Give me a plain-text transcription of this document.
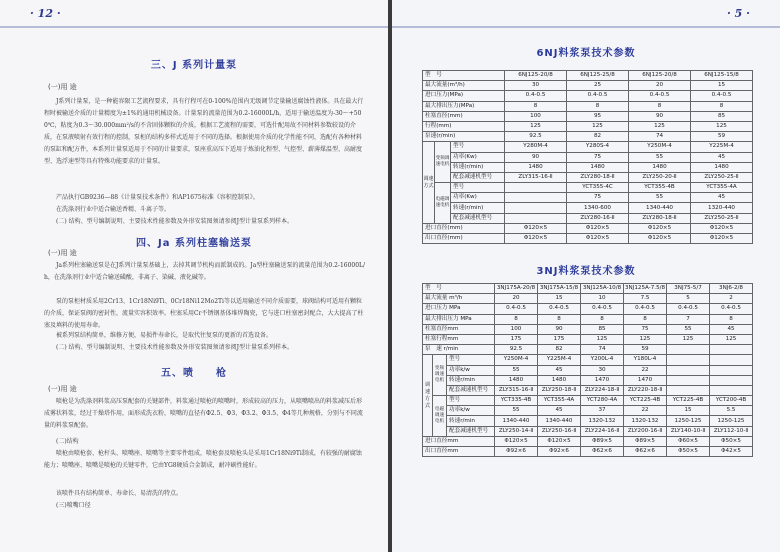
· 12 ·
三、J 系列计量泵
(一)用 途
J系列计量泵，是一种能容限工艺流程要求，具有行程可在0-100%范围内无级调节定量输送腐蚀性液体。具在最大行程时被输送介质的计量精度为±1%的通用机械设备。计量泵的流量范围为0.2-16000L/h，适用于输送温度为-30～+500℃，粘度为0.3～30.000mm²/s的不含固体颗粒的介质，根据工艺流程的需要，可选什配用故不同材料参数较设的介质，在泵液喷射有效行程的控制，泵柜的结构多样式适用于不同的选择。根据使用介质的化学性能不同，选配有各种材料的泵缸和配方件，本系列计量泵适用于不同的计量要求，泵座重高压下适用于炼油化程型、气控型、薪薄煤温型、高耐度型、选浮速型等具有特殊功能要求的计量泵。
产品执行GB9236—88《计量泵技术条件》和AP1675标准《容积控制泵》。
在洗涤剂行业中适合输送香精、斗离子等。
(二) 结构、型号编制说明、主要技术性能参数及外形安装图须请参阅J型计量泵系列样本。
四、Ja 系列柱塞输送泵
(一)用 途
Ja系列柱塞输送泵是在J系列计量泵基础上，去掉其调节机构而派制成的。Ja型柱塞输送泵的流量范围为0.2-16000L/h，在洗涤剂行业中适合输送磺酸，非离子、染碱、液化碱等。
泵的泵柜材质采用2Cr13、1Cr18Ni9Ti、0Cr18Ni12Mo2Ti等以适用输送不同介质需要，球阀结构可适用有颗粒的介质，保证泵阀的密封性，流量实容积效率。柱塞采用Cr不锈钢基体堆焊陶瓷，它与进口柱塞密封配合，大大提高了柱塞及填料的使用寿命。
被系列泵结构简单，维修方便，易损件寿命长，是取代往复泵的更新的首选设备。
(二) 结构、型号编制说明、主要技术性能参数及外形安装图须请参阅J型计量泵系列样本。
五、喷　　枪
(一)用 途
喷枪是为洗涤剂料浆高压泵配套的关键部件，料浆通过喷枪的喷嘴时，形成较高的压力，从喷嘴喷出的料浆减压后形成雾状料浆，经过干燥塔作用，面形成洗衣粉，喷嘴的直径有Φ2.5、Φ3、Φ3.2、Φ3.5、Φ4等几种规格，分别与不同流量的料浆泵配套。
(二)结构
喷枪由喷枪套、枪杆头、喷嘴座、喷嘴等主要零件组成，喷枪套及喷枪头是采用1Cr18Ni9Ti制成，有较强的耐腐蚀能力；喷嘴座、喷嘴是喷枪的关键零件，它由YG8硬质合金制成，耐冲刷性能好。
该喷件具有结构简单、寿命长、易清洗的特点。
(三)喷嘴口径
· 5 ·
6NJ料浆泵技术参数
型　号			6NJ125-20/8	6NJ125-25/8	6NJ125-20/8	6NJ125-15/8
最大流量(m³/h)			30	25	20	15
进口压力(MPa)			0.4-0.5	0.4-0.5	0.4-0.5	0.4-0.5
最大排出压力(MPa)			8	8	8	8
柱塞直径(mm)			100	95	90	85
行程(mm)			125	125	125	125
泵速(r/min)			92.5	82	74	59
调速方式	变频调速电机	型号	Y280M-4	Y280S-4	Y250M-4	Y225M-4
		功率(Kw)	90	75	55	45
		转速(r/min)	1480	1480	1480	1480
		配套减速机型号	ZLY315-16-Ⅱ	ZLY280-18-Ⅱ	ZLY250-20-Ⅱ	ZLY250-25-Ⅱ
	电磁调速电机	型号		YCT355-4C	YCT355-4B	YCT355-4A
		功率(Kw)		75	55	45
		转速(r/min)		1340-600	1340-440	1320-440
		配套减速机型号		ZLY280-16-Ⅱ	ZLY280-18-Ⅱ	ZLY250-25-Ⅱ
进口直径(mm)			Φ120×5	Φ120×5	Φ120×5	Φ120×5
出口直径(mm)			Φ120×5	Φ120×5	Φ120×5	Φ120×5
3NJ料浆泵技术参数
型　号			3NJ175A-20/8	3NJ175A-15/8	3NJ125A-10/8	3NJ125A-7.5/8	3NJ75-5/7	3NJ6-2/8
最大流量 m³/h			20	15	10	7.5	5	2
进口压力 MPa			0.4-0.5	0.4-0.5	0.4-0.5	0.4-0.5	0.4-0.5	0.4-0.5
最大排出压力 MPa			8	8	8	8	7	8
柱塞直径mm			100	90	85	75	55	45
柱塞行程mm			175	175	125	125	125	125
泵　速 r/min			92.5	82	74	59		
调速方式	变频调速电机	型号	Y250M-4	Y225M-4	Y200L-4	Y180L-4		
		功率k/w	55	45	30	22		
		转速r/min	1480	1480	1470	1470		
		配套减速机型号	ZLY315-16-Ⅱ	ZLY250-18-Ⅱ	ZLY224-18-Ⅱ	ZLY220-18-Ⅱ		
	电磁调速电机	型号	YCT335-4B	YCT355-4A	YCT280-4A	YCT225-4B	YCT225-4B	YCT200-4B
		功率k/w	55	45	37	22	15	5.5
		转速r/min	1340-440	1340-440	1320-132	1320-132	1250-125	1250-125
		配套减速机型号	ZLY250-14-Ⅱ	ZLY250-16-Ⅱ	ZLY224-16-Ⅱ	ZLY200-16-Ⅱ	ZLY140-10-Ⅱ	ZLY112-10-Ⅱ
进口直径mm			Φ120×5	Φ120×5	Φ89×5	Φ89×5	Φ60×5	Φ50×5
出口直径mm			Φ92×6	Φ92×6	Φ62×6	Φ62×6	Φ50×5	Φ42×5
